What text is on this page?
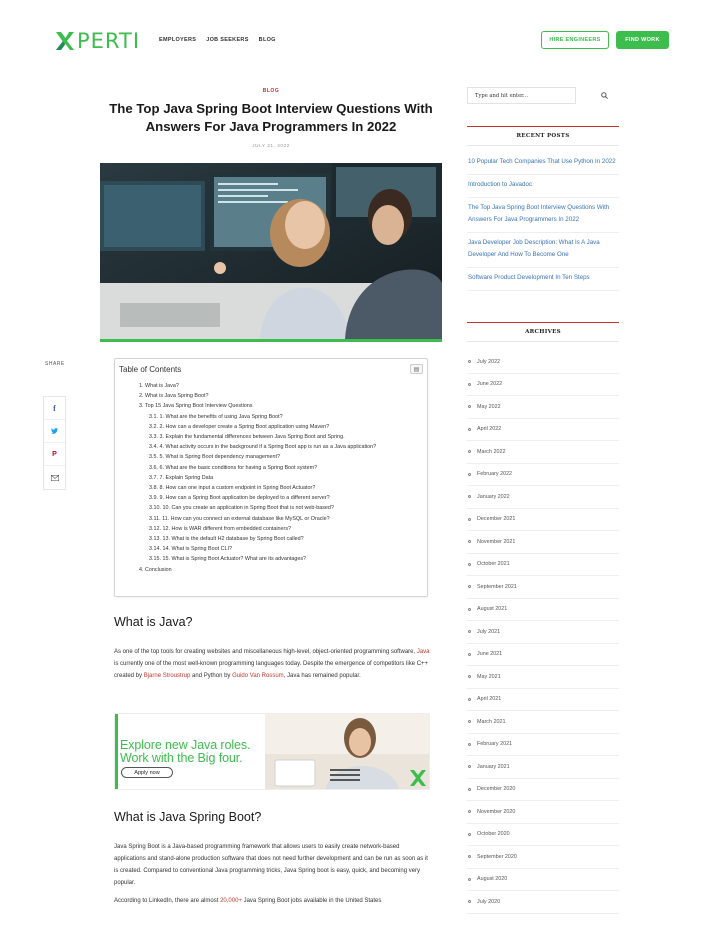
PERTI	EMPLOYERS JOB SEEKERS BLOG	HIRE ENGINEERS	FIND WORK
BLOG
The Top Java Spring Boot Interview Questions With
Answers For Java Programmers In 2022
JULY 21, 2022
SHARE
f
P
Table of Contents	▤
1. What is Java?
2. What is Java Spring Boot?
3. Top 15 Java Spring Boot Interview Questions
3.1. 1. What are the benefits of using Java Spring Boot?
3.2. 2. How can a developer create a Spring Boot application using Maven?
3.3. 3. Explain the fundamental differences between Java Spring Boot and Spring.
3.4. 4. What activity occurs in the background if a Spring Boot app is run as a Java application?
3.5. 5. What is Spring Boot dependency management?
3.6. 6. What are the basic conditions for having a Spring Boot system?
3.7. 7. Explain Spring Data
3.8. 8. How can one input a custom endpoint in Spring Boot Actuator?
3.9. 9. How can a Spring Boot application be deployed to a different server?
3.10. 10. Can you create an application in Spring Boot that is not web-based?
3.11. 11. How can you connect an external database like MySQL or Oracle?
3.12. 12. How is WAR different from embedded containers?
3.13. 13. What is the default H2 database by Spring Boot called?
3.14. 14. What is Spring Boot CLI?
3.15. 15. What is Spring Boot Actuator? What are its advantages?
4. Conclusion
What is Java?

As one of the top tools for creating websites and miscellaneous high-level, object-oriented programming software, Java is currently one of the most well-known programming languages today. Despite the emergence of competitors like C++ created by Bjarne Stroustrup and Python by Guido Van Rossum, Java has remained popular.

Explore new Java roles.
Work with the Big four.
Apply now
What is Java Spring Boot?

Java Spring Boot is a Java-based programming framework that allows users to easily create network-based applications and stand-alone production software that does not need further development and can be run as soon as it is created. Compared to conventional Java programming tricks, Java Spring boot is easy, quick, and becoming very popular.

According to LinkedIn, there are almost 20,000+ Java Spring Boot jobs available in the United States

Type and hit enter...
RECENT POSTS
10 Popular Tech Companies That Use Python In 2022
Introduction to Javadoc
The Top Java Spring Boot Interview Questions With Answers For Java Programmers In 2022
Java Developer Job Description: What Is A Java Developer And How To Become One
Software Product Development In Ten Steps
ARCHIVES
July 2022
June 2022
May 2022
April 2022
March 2022
February 2022
January 2022
December 2021
November 2021
October 2021
September 2021
August 2021
July 2021
June 2021
May 2021
April 2021
March 2021
February 2021
January 2021
December 2020
November 2020
October 2020
September 2020
August 2020
July 2020
